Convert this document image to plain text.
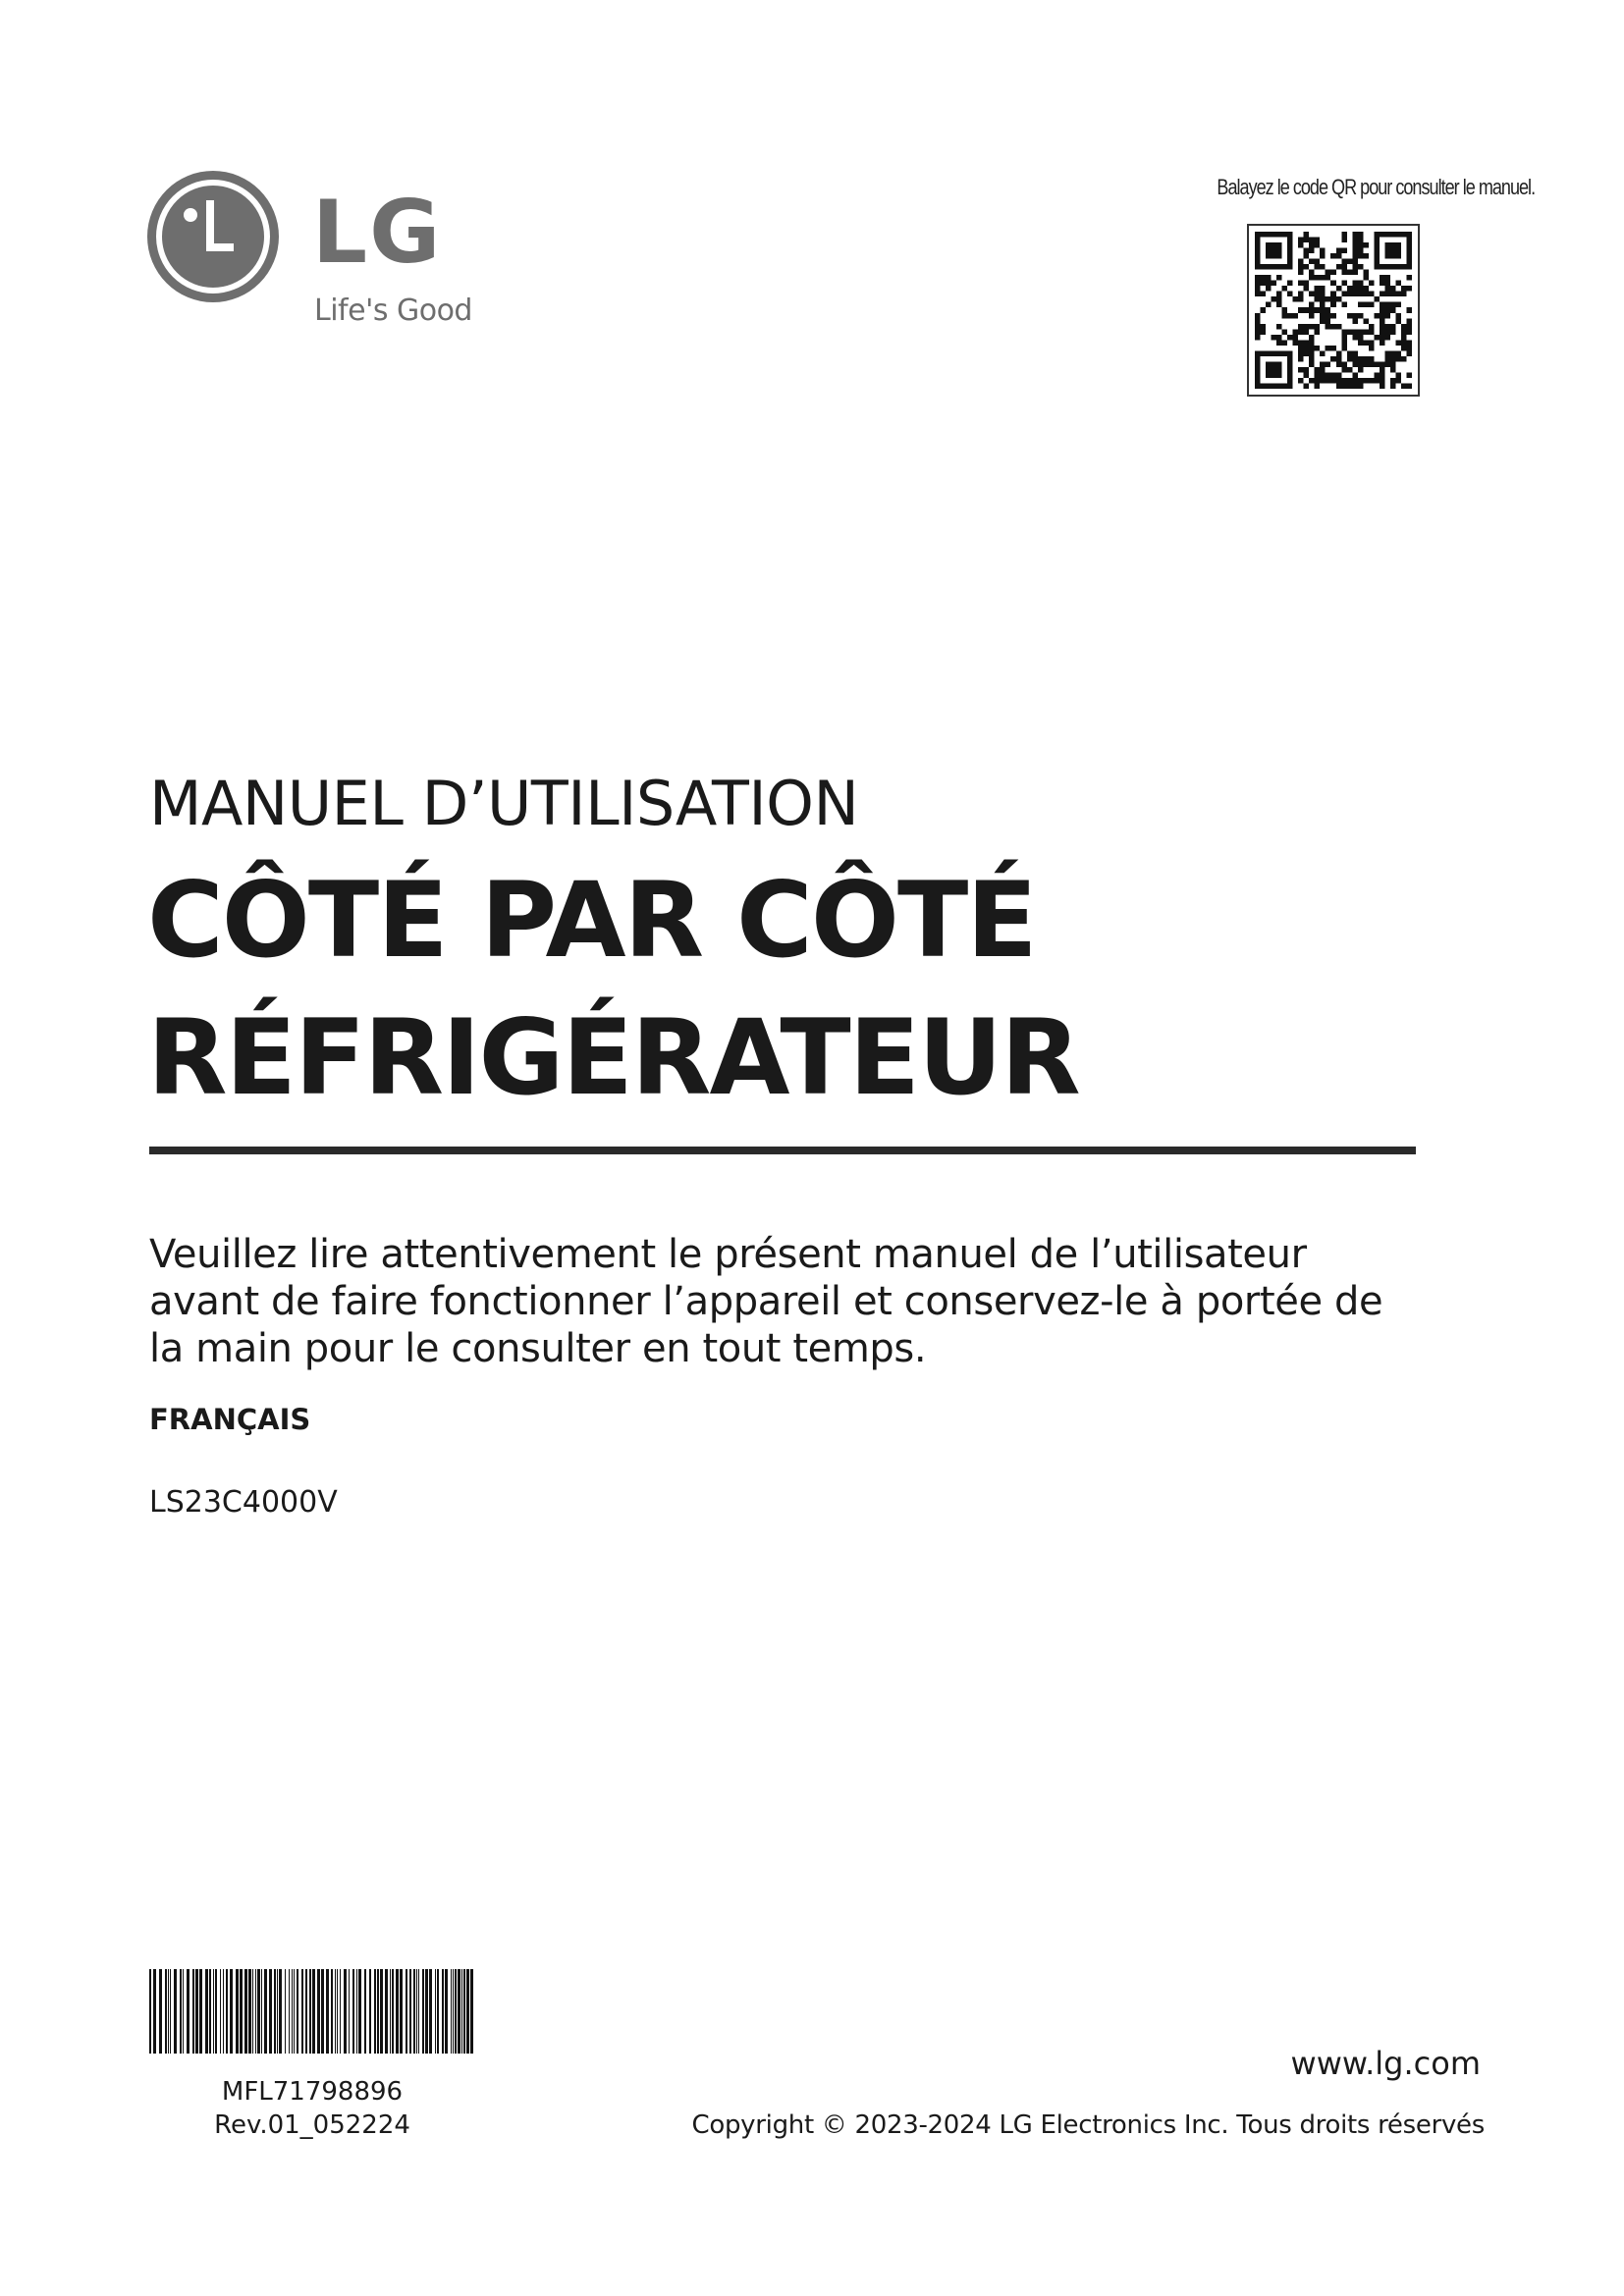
LG
Life's Good
Balayez le code QR pour consulter le manuel.
MANUEL D’UTILISATION
CÔTÉ PAR CÔTÉ
RÉFRIGÉRATEUR
Veuillez lire attentivement le présent manuel de l’utilisateur
avant de faire fonctionner l’appareil et conservez-le à portée de
la main pour le consulter en tout temps.
FRANÇAIS
LS23C4000V
MFL71798896
Rev.01_052224
www.lg.com
Copyright © 2023-2024 LG Electronics Inc. Tous droits réservés
